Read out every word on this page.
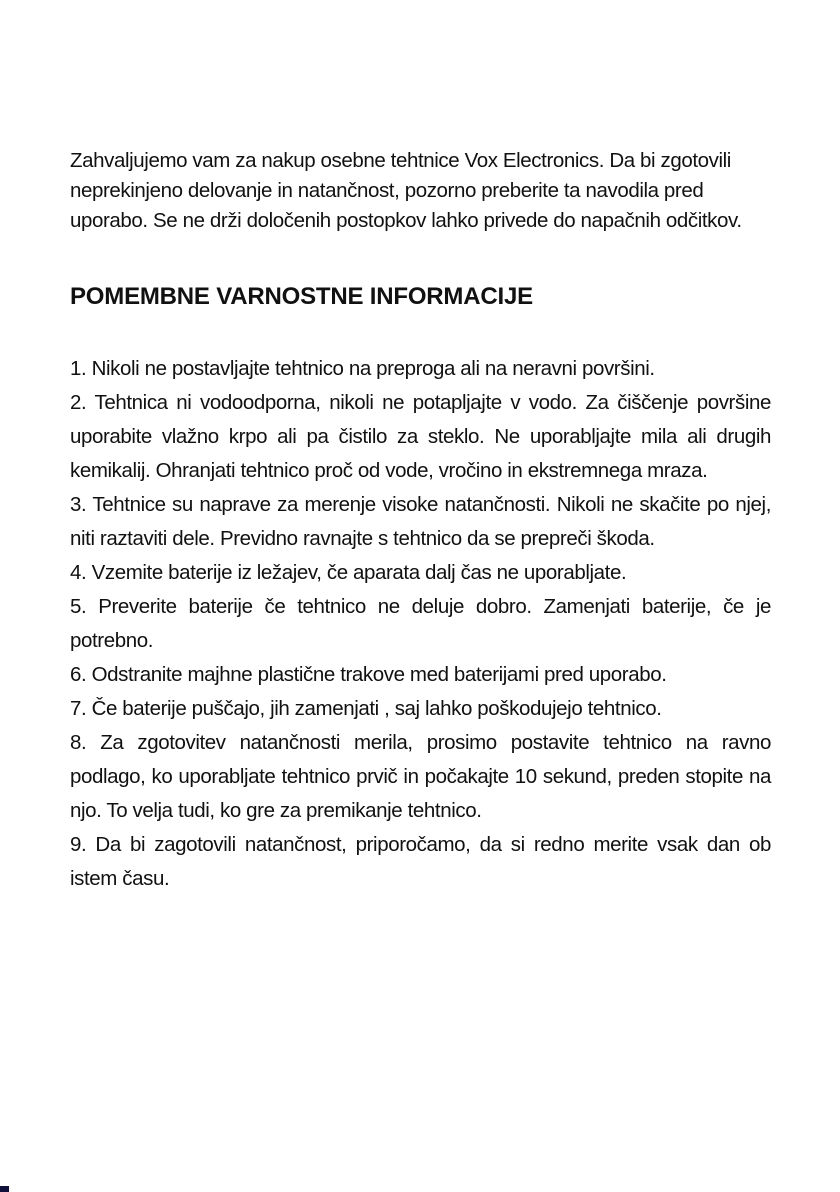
Zahvaljujemo vam za nakup osebne tehtnice Vox Electronics. Da bi zgotovili neprekinjeno delovanje in natančnost, pozorno preberite ta navodila pred uporabo. Se ne drži določenih postopkov lahko privede do napačnih odčitkov.

POMEMBNE VARNOSTNE INFORMACIJE

1. Nikoli ne postavljajte tehtnico na preproga ali na neravni površini.

2. Tehtnica ni vodoodporna, nikoli ne potapljajte v vodo. Za čiščenje površine uporabite vlažno krpo ali pa čistilo za steklo. Ne uporabljajte mila ali drugih kemikalij. Ohranjati tehtnico proč od vode, vročino in ekstremnega mraza.

3. Tehtnice su naprave za merenje visoke natančnosti. Nikoli ne skačite po njej, niti raztaviti dele. Previdno ravnajte s tehtnico da se prepreči škoda.

4. Vzemite baterije iz ležajev, če aparata dalj čas ne uporabljate.

5. Preverite baterije če tehtnico ne deluje dobro. Zamenjati baterije, če je potrebno.

6. Odstranite majhne plastične trakove med baterijami pred uporabo.

7. Če baterije puščajo, jih zamenjati , saj lahko poškodujejo tehtnico.

8. Za zgotovitev natančnosti merila, prosimo postavite tehtnico na ravno podlago, ko uporabljate tehtnico prvič in počakajte 10 sekund, preden stopite na njo. To velja tudi, ko gre za premikanje tehtnico.

9. Da bi zagotovili natančnost, priporočamo, da si redno merite vsak dan ob istem času.
